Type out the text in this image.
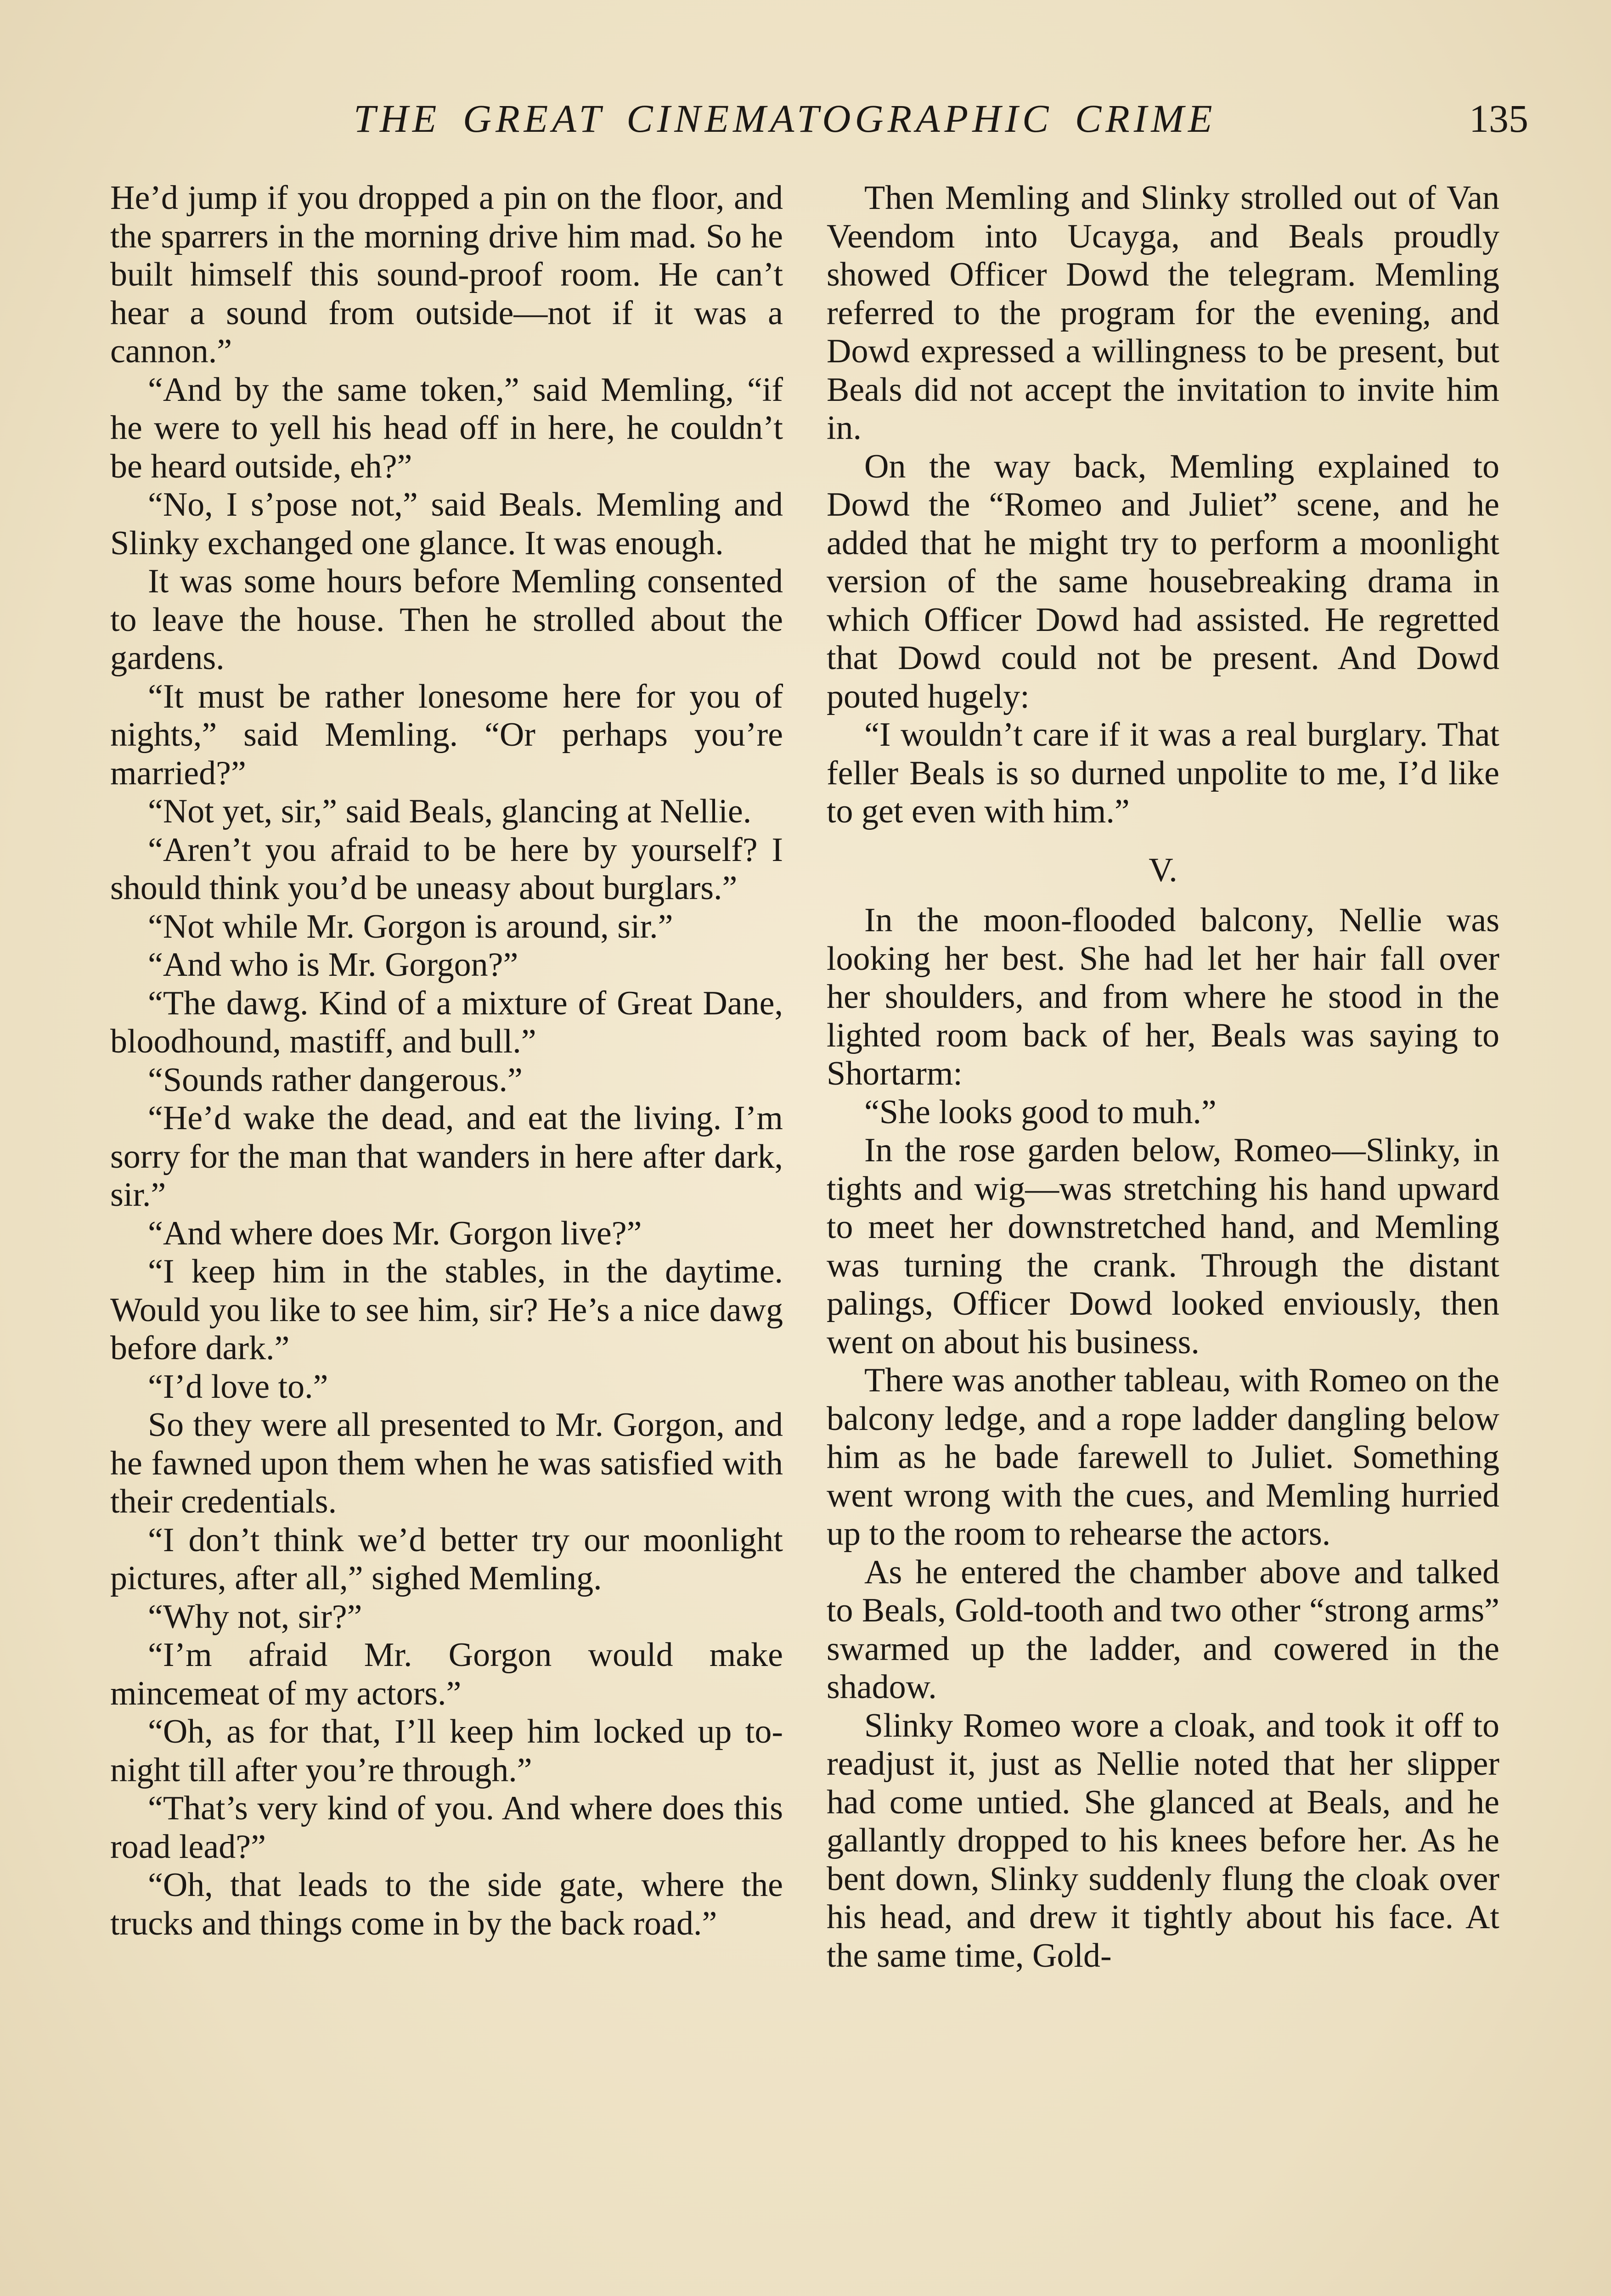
THE GREAT CINEMATOGRAPHIC CRIME	135

He’d jump if you dropped a pin on the floor, and the sparrers in the morning drive him mad. So he built himself this sound-proof room. He can’t hear a sound from outside—not if it was a cannon.”

“And by the same token,” said Memling, “if he were to yell his head off in here, he couldn’t be heard outside, eh?”

“No, I s’pose not,” said Beals. Memling and Slinky exchanged one glance. It was enough.

It was some hours before Memling consented to leave the house. Then he strolled about the gardens.

“It must be rather lonesome here for you of nights,” said Memling. “Or perhaps you’re married?”

“Not yet, sir,” said Beals, glancing at Nellie.

“Aren’t you afraid to be here by yourself? I should think you’d be uneasy about burglars.”

“Not while Mr. Gorgon is around, sir.”

“And who is Mr. Gorgon?”

“The dawg. Kind of a mixture of Great Dane, bloodhound, mastiff, and bull.”

“Sounds rather dangerous.”

“He’d wake the dead, and eat the living. I’m sorry for the man that wanders in here after dark, sir.”

“And where does Mr. Gorgon live?”

“I keep him in the stables, in the daytime. Would you like to see him, sir? He’s a nice dawg before dark.”

“I’d love to.”

So they were all presented to Mr. Gorgon, and he fawned upon them when he was satisfied with their credentials.

“I don’t think we’d better try our moonlight pictures, after all,” sighed Memling.

“Why not, sir?”

“I’m afraid Mr. Gorgon would make mincemeat of my actors.”

“Oh, as for that, I’ll keep him locked up to-night till after you’re through.”

“That’s very kind of you. And where does this road lead?”

“Oh, that leads to the side gate, where the trucks and things come in by the back road.”

Then Memling and Slinky strolled out of Van Veendom into Ucayga, and Beals proudly showed Officer Dowd the telegram. Memling referred to the program for the evening, and Dowd expressed a willingness to be present, but Beals did not accept the invitation to invite him in.

On the way back, Memling explained to Dowd the “Romeo and Juliet” scene, and he added that he might try to perform a moonlight version of the same housebreaking drama in which Officer Dowd had assisted. He regretted that Dowd could not be present. And Dowd pouted hugely:

“I wouldn’t care if it was a real burglary. That feller Beals is so durned unpolite to me, I’d like to get even with him.”

V.

In the moon-flooded balcony, Nellie was looking her best. She had let her hair fall over her shoulders, and from where he stood in the lighted room back of her, Beals was saying to Shortarm:

“She looks good to muh.”

In the rose garden below, Romeo—Slinky, in tights and wig—was stretching his hand upward to meet her downstretched hand, and Memling was turning the crank. Through the distant palings, Officer Dowd looked enviously, then went on about his business.

There was another tableau, with Romeo on the balcony ledge, and a rope ladder dangling below him as he bade farewell to Juliet. Something went wrong with the cues, and Memling hurried up to the room to rehearse the actors.

As he entered the chamber above and talked to Beals, Gold-tooth and two other “strong arms” swarmed up the ladder, and cowered in the shadow.

Slinky Romeo wore a cloak, and took it off to readjust it, just as Nellie noted that her slipper had come untied. She glanced at Beals, and he gallantly dropped to his knees before her. As he bent down, Slinky suddenly flung the cloak over his head, and drew it tightly about his face. At the same time, Gold-
